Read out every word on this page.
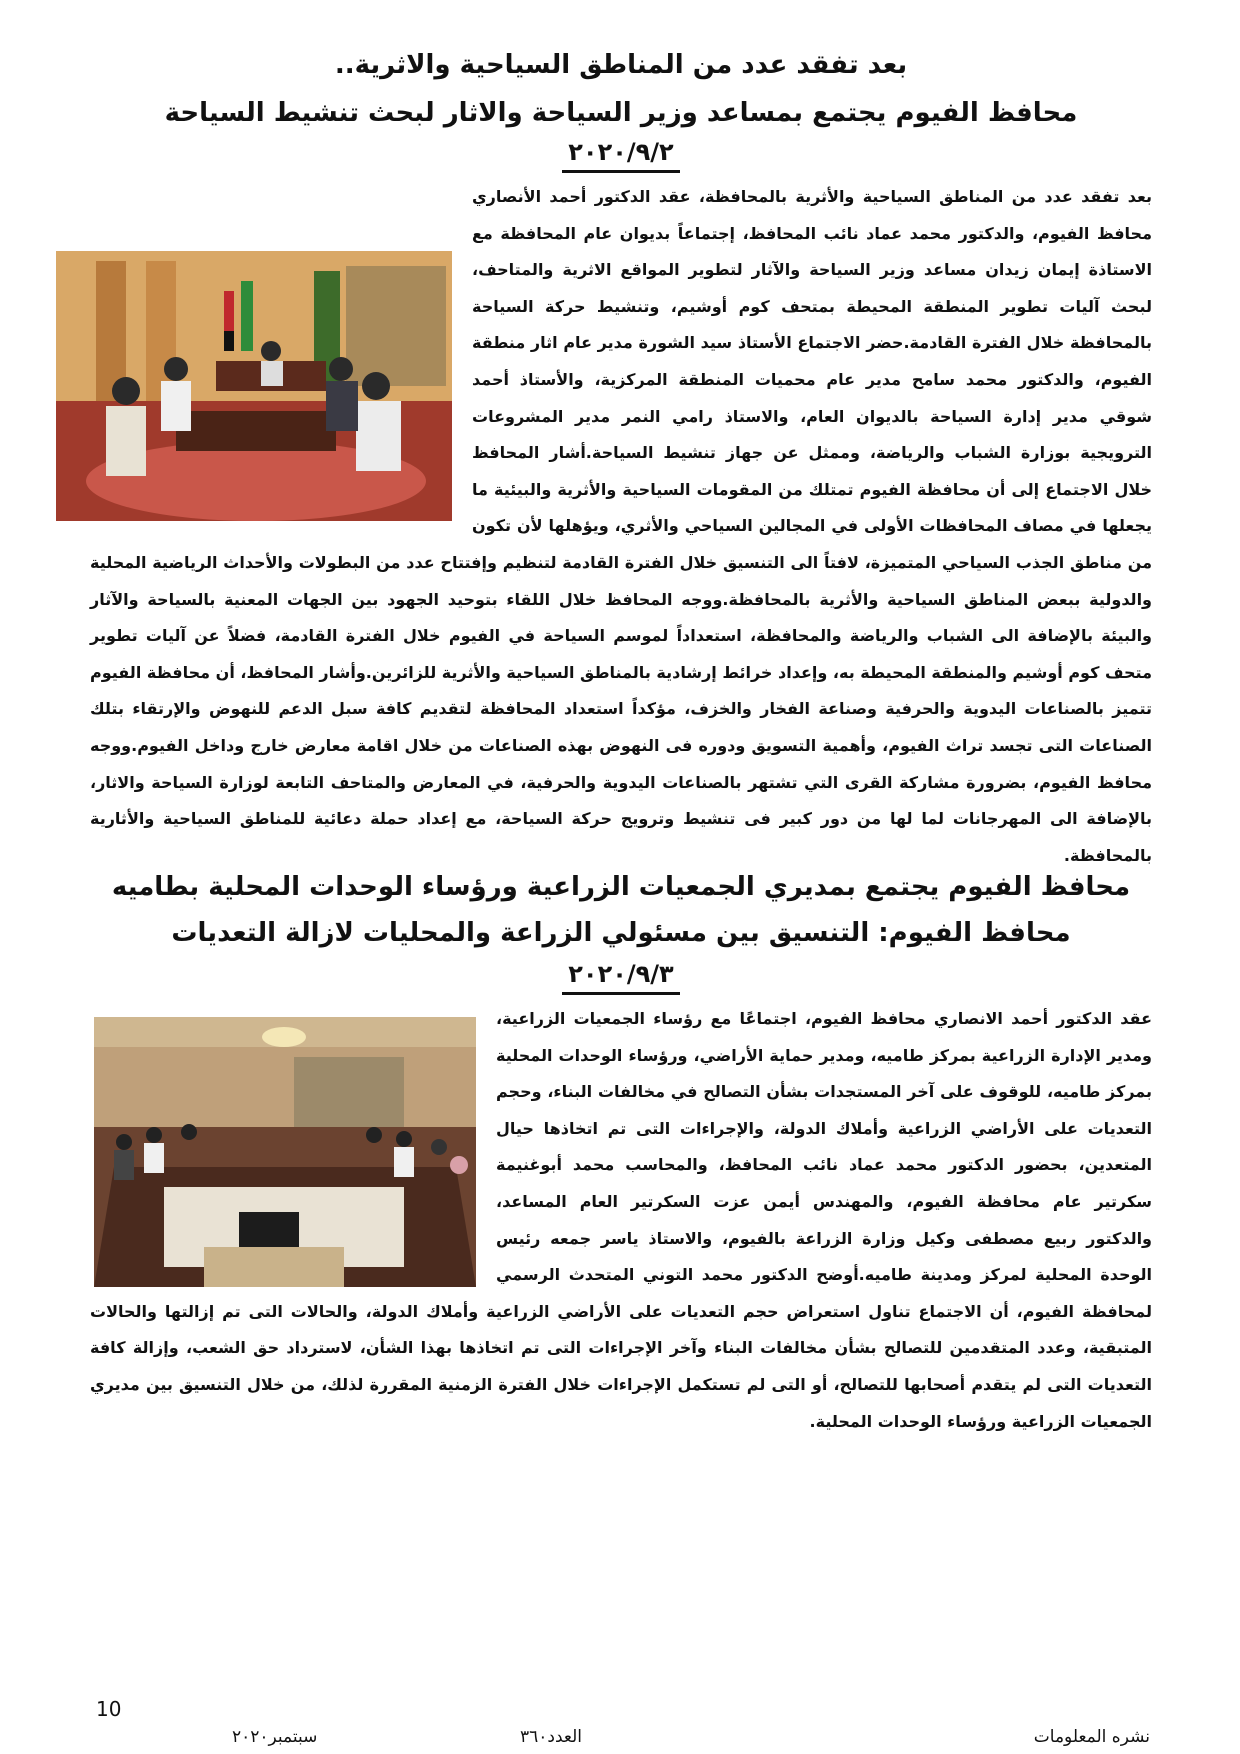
بعد تفقد عدد من المناطق السياحية والاثرية..
محافظ الفيوم يجتمع بمساعد وزير السياحة والاثار لبحث تنشيط السياحة
٢٠٢٠/٩/٢
بعد تفقد عدد من المناطق السياحية والأثرية بالمحافظة، عقد الدكتور أحمد الأنصاري محافظ الفيوم، والدكتور محمد عماد نائب المحافظ، إجتماعاً بديوان عام المحافظة مع الاستاذة إيمان زيدان مساعد وزير السياحة والآثار لتطوير المواقع الاثرية والمتاحف، لبحث آليات تطوير المنطقة المحيطة بمتحف كوم أوشيم، وتنشيط حركة السياحة بالمحافظة خلال الفترة القادمة.حضر الاجتماع الأستاذ سيد الشورة مدير عام اثار منطقة الفيوم، والدكتور محمد سامح مدير عام محميات المنطقة المركزية، والأستاذ أحمد شوقي مدير إدارة السياحة بالديوان العام، والاستاذ رامي النمر مدير المشروعات الترويجية بوزارة الشباب والرياضة، وممثل عن جهاز تنشيط السياحة.أشار المحافظ خلال الاجتماع إلى أن محافظة الفيوم تمتلك من المقومات السياحية والأثرية والبيئية ما يجعلها في مصاف المحافظات الأولى في المجالين السياحي والأثري، ويؤهلها لأن تكون من مناطق الجذب السياحي المتميزة، لافتاً الى التنسيق خلال الفترة القادمة لتنظيم وإفتتاح عدد من البطولات والأحداث الرياضية المحلية والدولية ببعض المناطق السياحية والأثرية بالمحافظة.ووجه المحافظ خلال اللقاء بتوحيد الجهود بين الجهات المعنية بالسياحة والآثار والبيئة بالإضافة الى الشباب والرياضة والمحافظة، استعداداً لموسم السياحة في الفيوم خلال الفترة القادمة، فضلاً عن آليات تطوير متحف كوم أوشيم والمنطقة المحيطة به، وإعداد خرائط إرشادية بالمناطق السياحية والأثرية للزائرين.وأشار المحافظ، أن محافظة الفيوم تتميز بالصناعات اليدوية والحرفية وصناعة الفخار والخزف، مؤكداً استعداد المحافظة لتقديم كافة سبل الدعم للنهوض والإرتقاء بتلك الصناعات التى تجسد تراث الفيوم، وأهمية التسويق ودوره فى النهوض بهذه الصناعات من خلال اقامة معارض خارج وداخل الفيوم.ووجه محافظ الفيوم، بضرورة مشاركة القرى التي تشتهر بالصناعات اليدوية والحرفية، في المعارض والمتاحف التابعة لوزارة السياحة والاثار، بالإضافة الى المهرجانات لما لها من دور كبير فى تنشيط وترويج حركة السياحة، مع إعداد حملة دعائية للمناطق السياحية والأثارية بالمحافظة.
محافظ الفيوم يجتمع بمديري الجمعيات الزراعية ورؤساء الوحدات المحلية بطاميه
محافظ الفيوم: التنسيق بين مسئولي الزراعة والمحليات لازالة التعديات
٢٠٢٠/٩/٣
عقد الدكتور أحمد الانصاري محافظ الفيوم، اجتماعًا مع رؤساء الجمعيات الزراعية، ومدير الإدارة الزراعية بمركز طاميه، ومدير حماية الأراضي، ورؤساء الوحدات المحلية بمركز طاميه، للوقوف على آخر المستجدات بشأن التصالح في مخالفات البناء، وحجم التعديات على الأراضي الزراعية وأملاك الدولة، والإجراءات التى تم اتخاذها حيال المتعدين، بحضور الدكتور محمد عماد نائب المحافظ، والمحاسب محمد أبوغنيمة سكرتير عام محافظة الفيوم، والمهندس أيمن عزت السكرتير العام المساعد، والدكتور ربيع مصطفى وكيل وزارة الزراعة بالفيوم، والاستاذ ياسر جمعه رئيس الوحدة المحلية لمركز ومدينة طاميه.أوضح الدكتور محمد التوني المتحدث الرسمي لمحافظة الفيوم، أن الاجتماع تناول استعراض حجم التعديات على الأراضي الزراعية وأملاك الدولة، والحالات التى تم إزالتها والحالات المتبقية، وعدد المتقدمين للتصالح بشأن مخالفات البناء وآخر الإجراءات التى تم اتخاذها بهذا الشأن، لاسترداد حق الشعب، وإزالة كافة التعديات التى لم يتقدم أصحابها للتصالح، أو التى لم تستكمل الإجراءات خلال الفترة الزمنية المقررة لذلك، من خلال التنسيق بين مديري الجمعيات الزراعية ورؤساء الوحدات المحلية.
10
نشره المعلومات
العدد٣٦٠
سبتمبر٢٠٢٠
